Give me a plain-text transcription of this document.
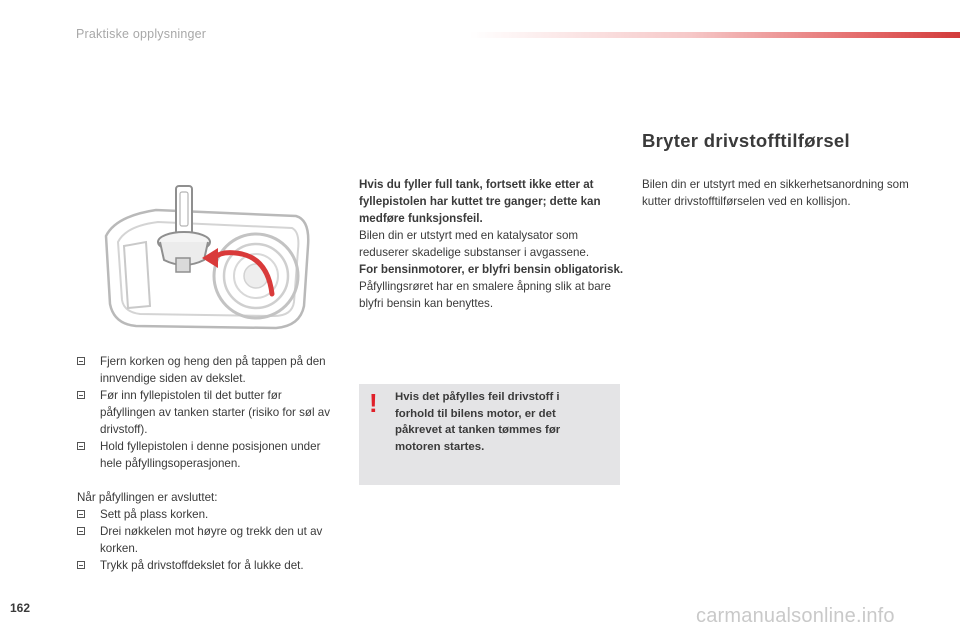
Praktiske opplysninger
Fjern korken og heng den på tappen på den innvendige siden av dekslet.
Før inn fyllepistolen til det butter før påfyllingen av tanken starter (risiko for søl av drivstoff).
Hold fyllepistolen i denne posisjonen under hele påfyllingsoperasjonen.
Når påfyllingen er avsluttet:
Sett på plass korken.
Drei nøkkelen mot høyre og trekk den ut av korken.
Trykk på drivstoffdekslet for å lukke det.

Hvis du fyller full tank, fortsett ikke etter at fyllepistolen har kuttet tre ganger; dette kan medføre funksjonsfeil.

Bilen din er utstyrt med en katalysator som reduserer skadelige substanser i avgassene.

For bensinmotorer, er blyfri bensin obligatorisk.

Påfyllingsrøret har en smalere åpning slik at bare blyfri bensin kan benyttes.

! Hvis det påfylles feil drivstoff i forhold til bilens motor, er det påkrevet at tanken tømmes før motoren startes.
Bryter drivstofftilførsel
Bilen din er utstyrt med en sikkerhetsanordning som kutter drivstofftilførselen ved en kollisjon.
162	carmanualsonline.info
